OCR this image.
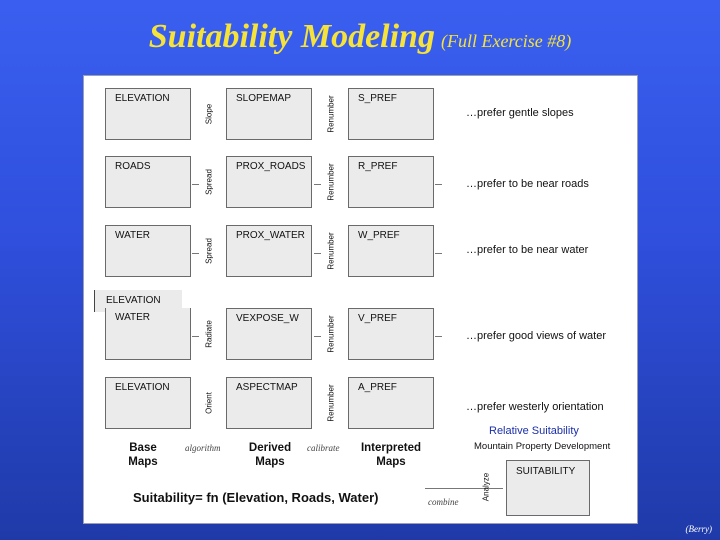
Suitability Modeling (Full Exercise #8)
ELEVATION
Slope
SLOPEMAP	Renumber	S_PREF
…prefer gentle slopes
ROADS
Spread
PROX_ROADS	Renumber	R_PREF
…prefer to be near roads
WATER
Spread
PROX_WATER	Renumber	W_PREF
…prefer to be near water
ELEVATION
WATER
Radiate
VEXPOSE_W	Renumber	V_PREF
…prefer good views of water
ELEVATION
Orient
ASPECTMAP	Renumber	A_PREF
…prefer westerly orientation
Relative Suitability
Mountain Property Development
Base
Maps
algorithm	Derived
Maps
calibrate	Interpreted
Maps
combine
Analyze
SUITABILITY
Suitability= fn (Elevation, Roads, Water)
(Berry)
